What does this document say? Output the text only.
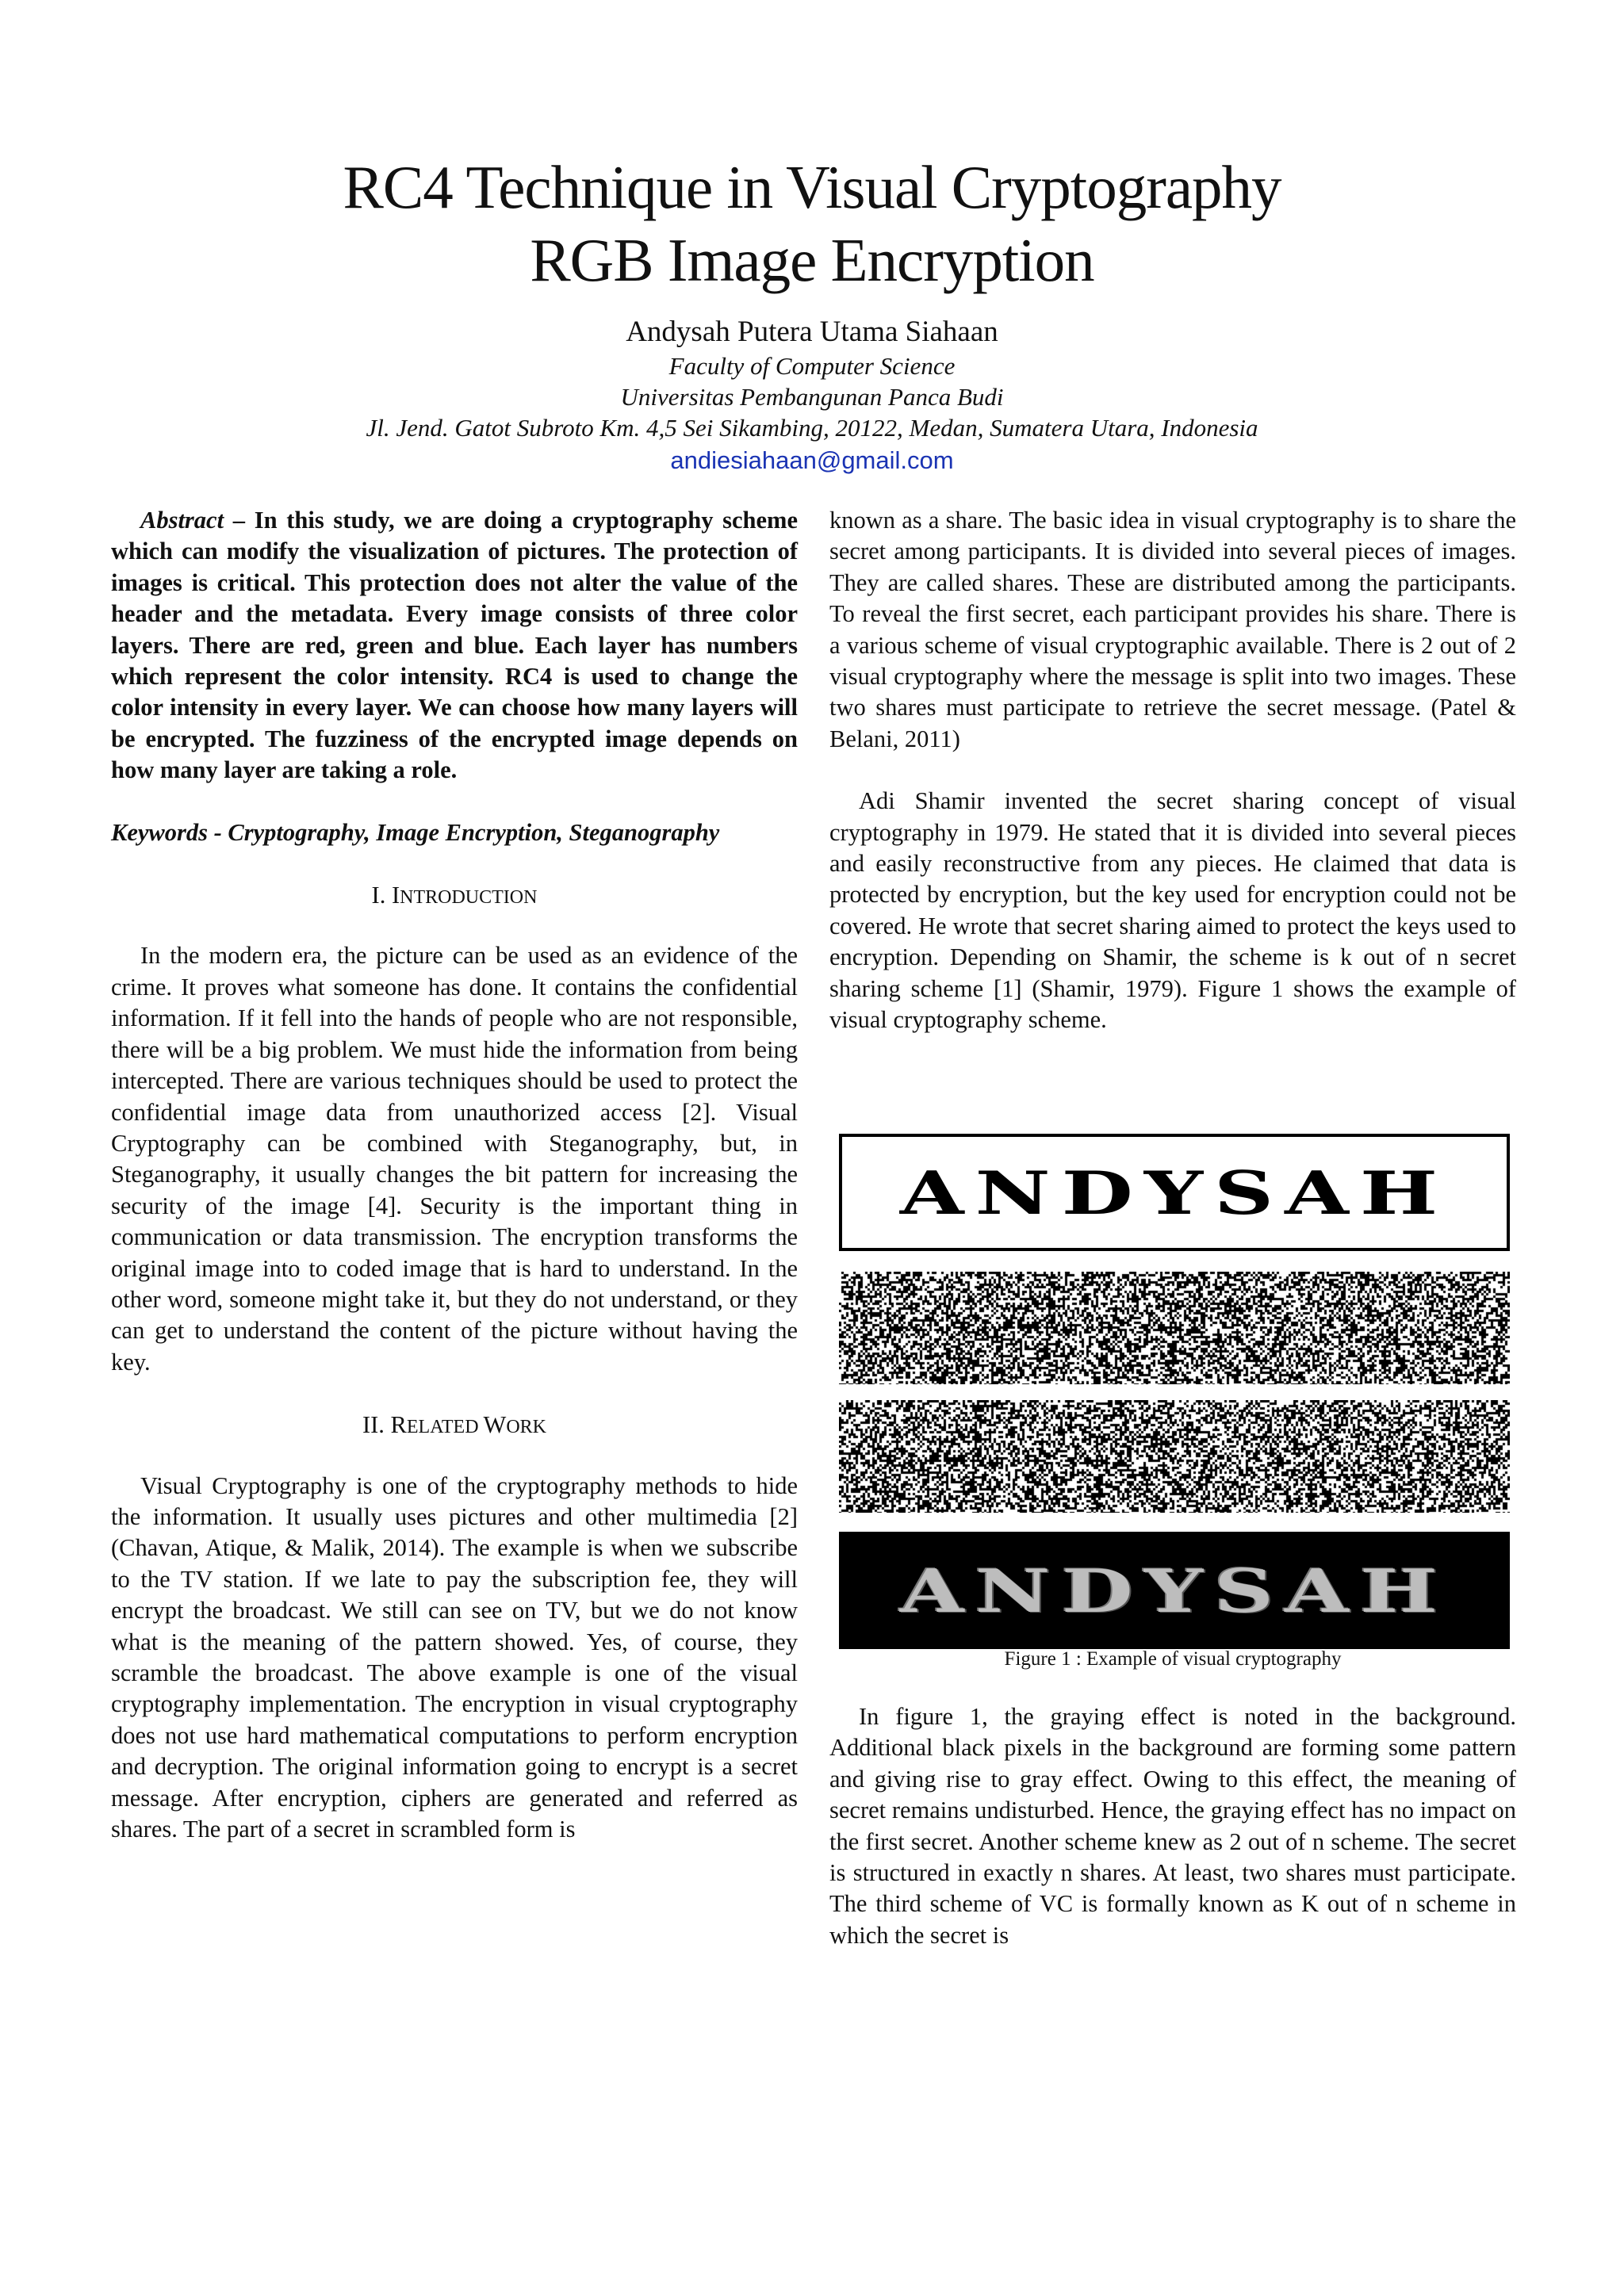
RC4 Technique in Visual Cryptography
RGB Image Encryption
Andysah Putera Utama Siahaan
Faculty of Computer Science
Universitas Pembangunan Panca Budi
Jl. Jend. Gatot Subroto Km. 4,5 Sei Sikambing, 20122, Medan, Sumatera Utara, Indonesia
andiesiahaan@gmail.com

Abstract – In this study, we are doing a cryptography scheme which can modify the visualization of pictures. The protection of images is critical. This protection does not alter the value of the header and the metadata. Every image consists of three color layers. There are red, green and blue. Each layer has numbers which represent the color intensity. RC4 is used to change the color intensity in every layer. We can choose how many layers will be encrypted. The fuzziness of the encrypted image depends on how many layer are taking a role.

Keywords - Cryptography, Image Encryption, Steganography

I. INTRODUCTION

In the modern era, the picture can be used as an evidence of the crime. It proves what someone has done. It contains the confidential information. If it fell into the hands of people who are not responsible, there will be a big problem. We must hide the information from being intercepted. There are various techniques should be used to protect the confidential image data from unauthorized access [2]. Visual Cryptography can be combined with Steganography, but, in Steganography, it usually changes the bit pattern for increasing the security of the image [4]. Security is the important thing in communication or data transmission. The encryption transforms the original image into to coded image that is hard to understand. In the other word, someone might take it, but they do not understand, or they can get to understand the content of the picture without having the key.

II. RELATED WORK

Visual Cryptography is one of the cryptography methods to hide the information. It usually uses pictures and other multimedia [2] (Chavan, Atique, & Malik, 2014). The example is when we subscribe to the TV station. If we late to pay the subscription fee, they will encrypt the broadcast. We still can see on TV, but we do not know what is the meaning of the pattern showed. Yes, of course, they scramble the broadcast. The above example is one of the visual cryptography implementation. The encryption in visual cryptography does not use hard mathematical computations to perform encryption and decryption. The original information going to encrypt is a secret message. After encryption, ciphers are generated and referred as shares. The part of a secret in scrambled form is

known as a share. The basic idea in visual cryptography is to share the secret among participants. It is divided into several pieces of images. They are called shares. These are distributed among the participants. To reveal the first secret, each participant provides his share. There is a various scheme of visual cryptographic available. There is 2 out of 2 visual cryptography where the message is split into two images. These two shares must participate to retrieve the secret message. (Patel & Belani, 2011)

Adi Shamir invented the secret sharing concept of visual cryptography in 1979. He stated that it is divided into several pieces and easily reconstructive from any pieces. He claimed that data is protected by encryption, but the key used for encryption could not be covered. He wrote that secret sharing aimed to protect the keys used to encryption. Depending on Shamir, the scheme is k out of n secret sharing scheme [1] (Shamir, 1979). Figure 1 shows the example of visual cryptography scheme.

ANDYSAH
ANDYSAH
Figure 1 : Example of visual cryptography

In figure 1, the graying effect is noted in the background. Additional black pixels in the background are forming some pattern and giving rise to gray effect. Owing to this effect, the meaning of secret remains undisturbed. Hence, the graying effect has no impact on the first secret. Another scheme knew as 2 out of n scheme. The secret is structured in exactly n shares. At least, two shares must participate. The third scheme of VC is formally known as K out of n scheme in which the secret is
